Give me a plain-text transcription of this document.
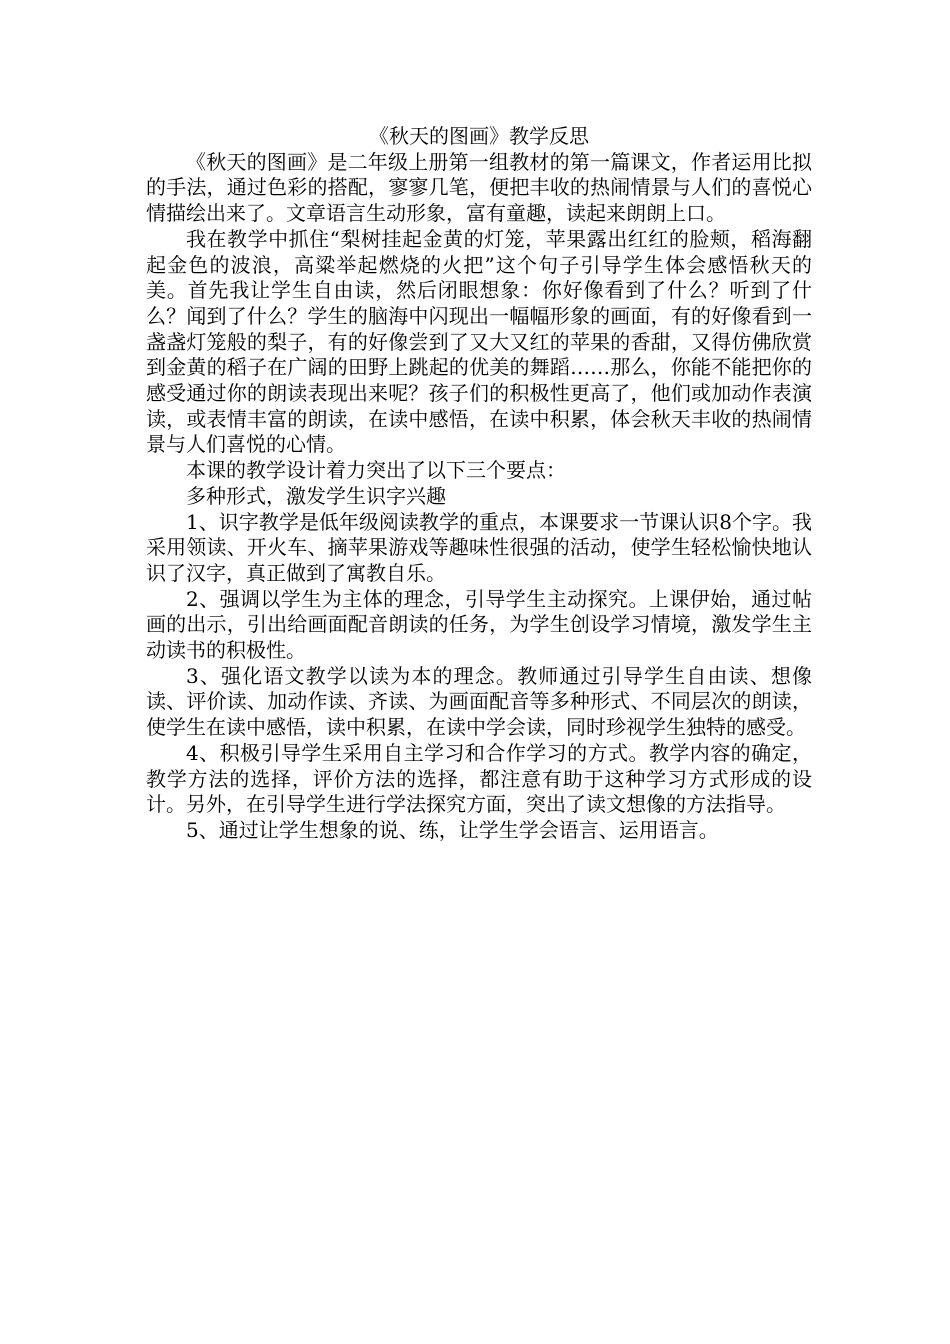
《秋天的图画》教学反思

《秋天的图画》是二年级上册第一组教材的第一篇课文，作者运用比拟的手法，通过色彩的搭配，寥寥几笔，便把丰收的热闹情景与人们的喜悦心情描绘出来了。文章语言生动形象，富有童趣，读起来朗朗上口。

我在教学中抓住“梨树挂起金黄的灯笼，苹果露出红红的脸颊，稻海翻起金色的波浪，高粱举起燃烧的火把”这个句子引导学生体会感悟秋天的美。首先我让学生自由读，然后闭眼想象：你好像看到了什么？听到了什么？闻到了什么？学生的脑海中闪现出一幅幅形象的画面，有的好像看到一盏盏灯笼般的梨子，有的好像尝到了又大又红的苹果的香甜，又得仿佛欣赏到金黄的稻子在广阔的田野上跳起的优美的舞蹈……那么，你能不能把你的感受通过你的朗读表现出来呢？孩子们的积极性更高了，他们或加动作表演读，或表情丰富的朗读，在读中感悟，在读中积累，体会秋天丰收的热闹情景与人们喜悦的心情。

本课的教学设计着力突出了以下三个要点：

多种形式，激发学生识字兴趣

1、识字教学是低年级阅读教学的重点，本课要求一节课认识8个字。我采用领读、开火车、摘苹果游戏等趣味性很强的活动，使学生轻松愉快地认识了汉字，真正做到了寓教自乐。

2、强调以学生为主体的理念，引导学生主动探究。上课伊始，通过帖画的出示，引出给画面配音朗读的任务，为学生创设学习情境，激发学生主动读书的积极性。

3、强化语文教学以读为本的理念。教师通过引导学生自由读、想像读、评价读、加动作读、齐读、为画面配音等多种形式、不同层次的朗读，使学生在读中感悟，读中积累，在读中学会读，同时珍视学生独特的感受。

4、积极引导学生采用自主学习和合作学习的方式。教学内容的确定，教学方法的选择，评价方法的选择，都注意有助于这种学习方式形成的设计。另外，在引导学生进行学法探究方面，突出了读文想像的方法指导。

5、通过让学生想象的说、练，让学生学会语言、运用语言。
